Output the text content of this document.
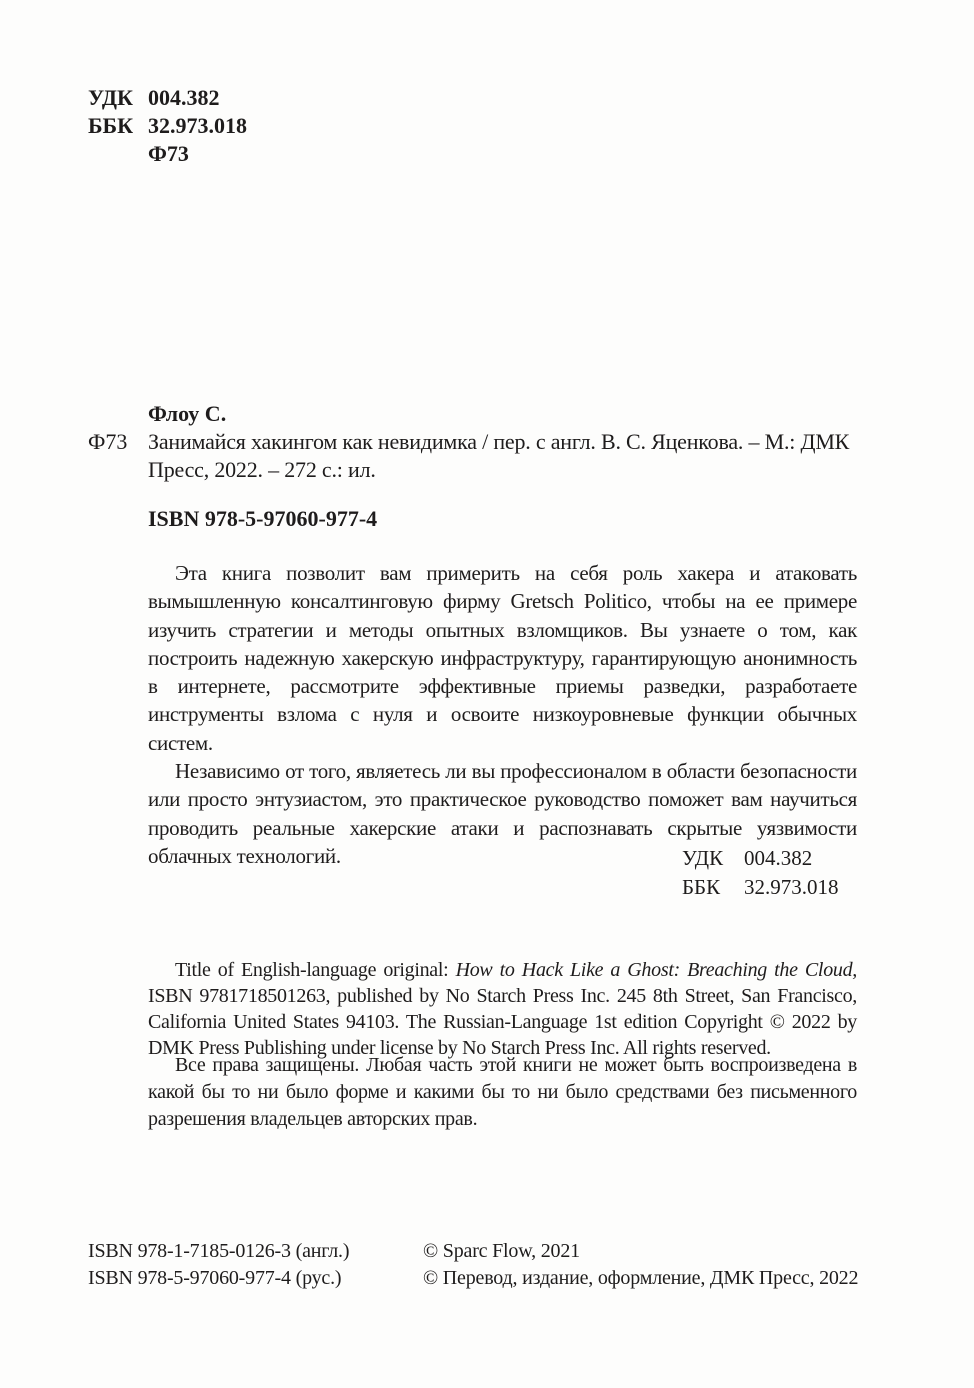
УДК 004.382
ББК 32.973.018
Ф73
Флоу С.
Ф73 Занимайся хакингом как невидимка / пер. с англ. В. С. Яценкова. – М.: ДМК Пресс, 2022. – 272 с.: ил.
ISBN 978-5-97060-977-4

Эта книга позволит вам примерить на себя роль хакера и атаковать вымышленную консалтинговую фирму Gretsch Politico, чтобы на ее примере изучить стратегии и методы опытных взломщиков. Вы узнаете о том, как построить надежную хакерскую инфраструктуру, гарантирующую анонимность в интернете, рассмотрите эффективные приемы разведки, разработаете инструменты взлома с нуля и освоите низкоуровневые функции обычных систем.

Независимо от того, являетесь ли вы профессионалом в области безопасности или просто энтузиастом, это практическое руководство поможет вам научиться проводить реальные хакерские атаки и распознавать скрытые уязвимости облачных технологий.	УДК 004.382
ББК	32.973.018

Title of English-language original: How to Hack Like a Ghost: Breaching the Cloud, ISBN 9781718501263, published by No Starch Press Inc. 245 8th Street, San Francisco, California United States 94103. The Russian-Language 1st edition Copyright © 2022 by DMK Press Publishing under license by No Starch Press Inc. All rights reserved.

Все права защищены. Любая часть этой книги не может быть воспроизведена в какой бы то ни было форме и какими бы то ни было средствами без письменного разрешения владельцев авторских прав.

ISBN 978-1-7185-0126-3 (англ.)
ISBN 978-5-97060-977-4 (рус.)
© Sparc Flow, 2021
© Перевод, издание, оформление, ДМК Пресс, 2022
